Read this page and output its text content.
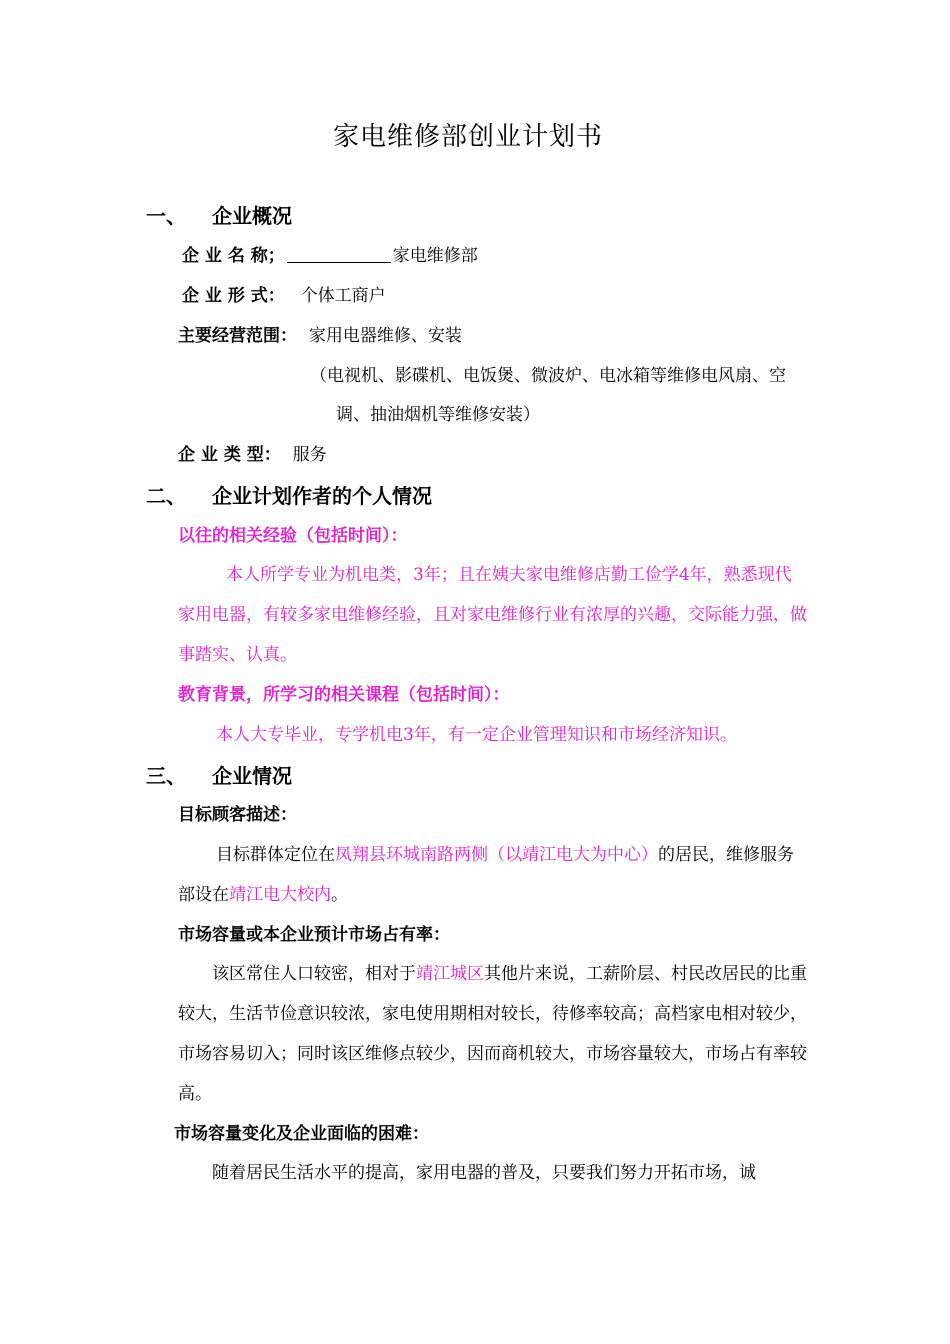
家电维修部创业计划书
一、 企业概况
企 业 名 称；	家电维修部
企 业 形 式： 个体工商户
主要经营范围： 家用电器维修、安装
（电视机、影碟机、电饭煲、微波炉、电冰箱等维修电风扇、空
调、抽油烟机等维修安装）
企 业 类 型： 服务
二、 企业计划作者的个人情况
以往的相关经验（包括时间）：
本人所学专业为机电类，3年；且在姨夫家电维修店勤工俭学4年，熟悉现代家用电器，有较多家电维修经验，且对家电维修行业有浓厚的兴趣，交际能力强，做事踏实、认真。
教育背景，所学习的相关课程（包括时间）：
本人大专毕业，专学机电3年，有一定企业管理知识和市场经济知识。
三、 企业情况
目标顾客描述：
目标群体定位在凤翔县环城南路两侧（以靖江电大为中心）的居民，维修服务部设在靖江电大校内。
市场容量或本企业预计市场占有率：
该区常住人口较密，相对于靖江城区其他片来说，工薪阶层、村民改居民的比重较大，生活节俭意识较浓，家电使用期相对较长，待修率较高；高档家电相对较少，市场容易切入；同时该区维修点较少，因而商机较大，市场容量较大，市场占有率较高。
市场容量变化及企业面临的困难：
随着居民生活水平的提高，家用电器的普及，只要我们努力开拓市场，诚
